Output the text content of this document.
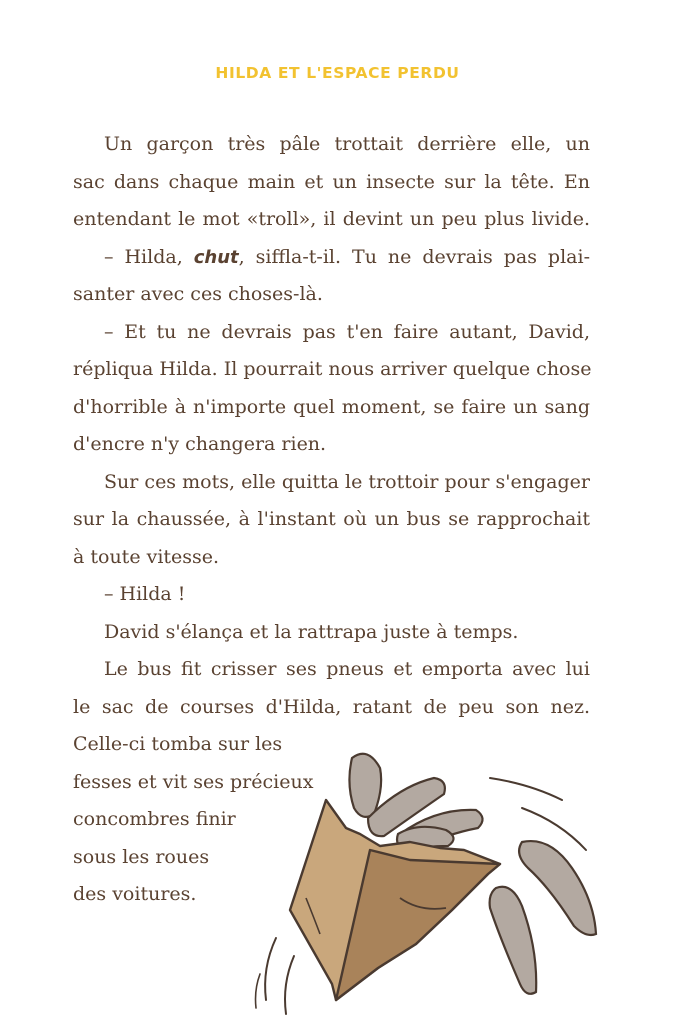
HILDA ET L'ESPACE PERDU
Un garçon très pâle trottait derrière elle, un
sac dans chaque main et un insecte sur la tête. En
entendant le mot «troll», il devint un peu plus livide.
– Hilda, chut, siffla-t-il. Tu ne devrais pas plai-
santer avec ces choses-là.
– Et tu ne devrais pas t'en faire autant, David,
répliqua Hilda. Il pourrait nous arriver quelque chose
d'horrible à n'importe quel moment, se faire un sang
d'encre n'y changera rien.
Sur ces mots, elle quitta le trottoir pour s'engager
sur la chaussée, à l'instant où un bus se rapprochait
à toute vitesse.
– Hilda !
David s'élança et la rattrapa juste à temps.
Le bus fit crisser ses pneus et emporta avec lui
le sac de courses d'Hilda, ratant de peu son nez.
Celle-ci tomba sur les
fesses et vit ses précieux
concombres finir
sous les roues
des voitures.
